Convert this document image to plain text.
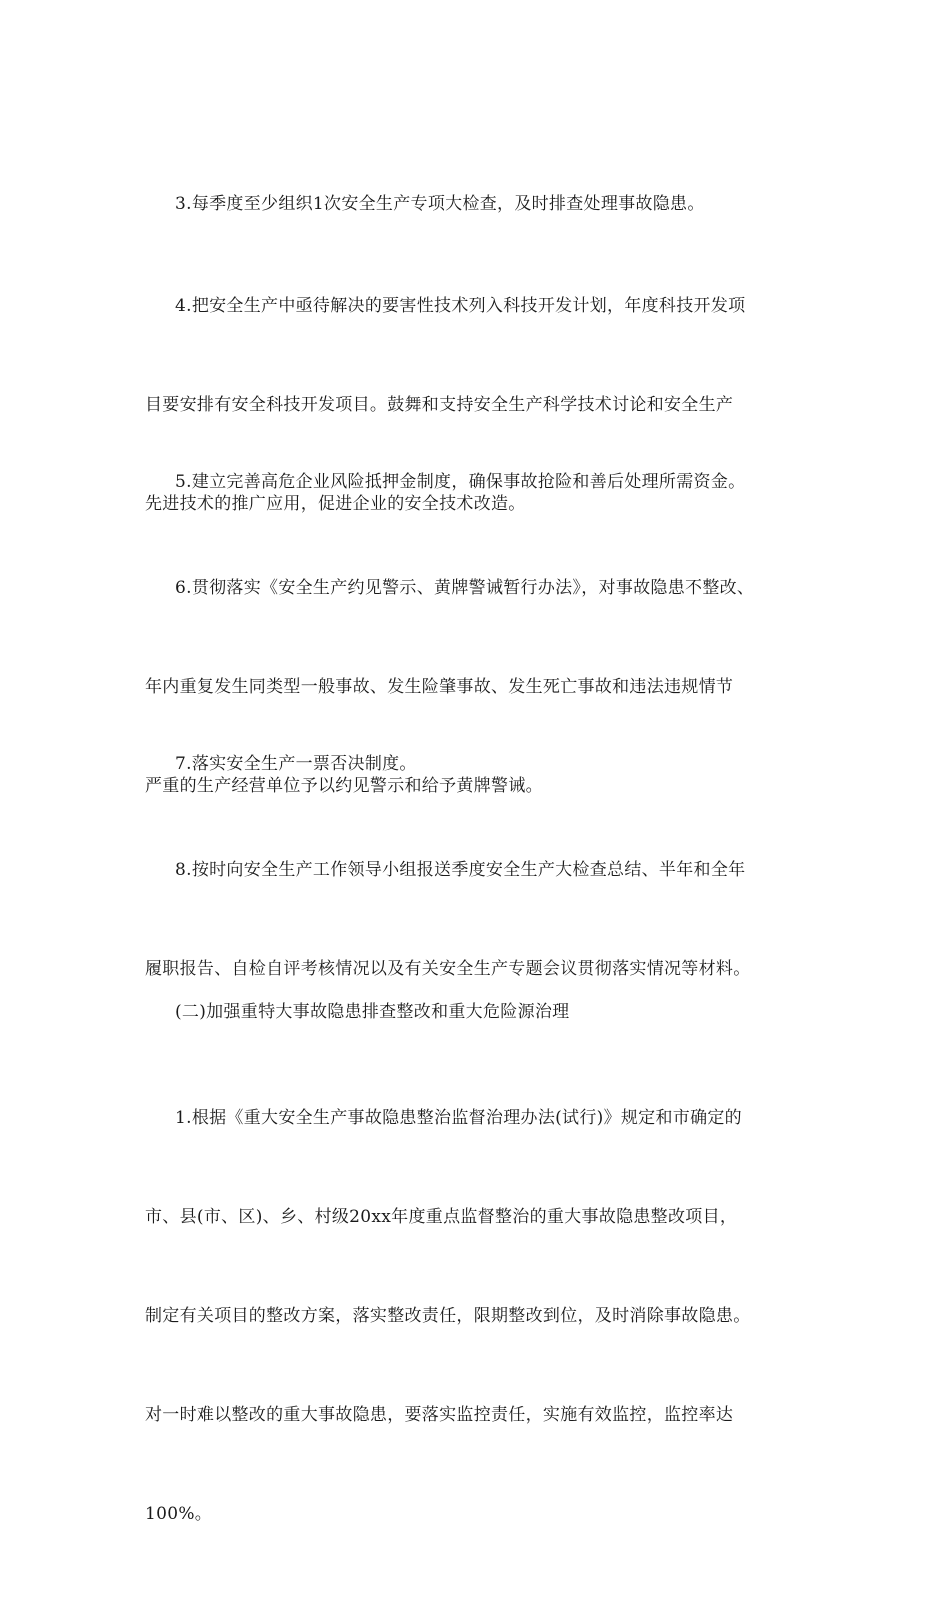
3.每季度至少组织1次安全生产专项大检查，及时排查处理事故隐患。

4.把安全生产中亟待解决的要害性技术列入科技开发计划，年度科技开发项

目要安排有安全科技开发项目。鼓舞和支持安全生产科学技术讨论和安全生产

先进技术的推广应用，促进企业的安全技术改造。

5.建立完善高危企业风险抵押金制度，确保事故抢险和善后处理所需资金。

6.贯彻落实《安全生产约见警示、黄牌警诫暂行办法》，对事故隐患不整改、

年内重复发生同类型一般事故、发生险肇事故、发生死亡事故和违法违规情节

严重的生产经营单位予以约见警示和给予黄牌警诫。

7.落实安全生产一票否决制度。

8.按时向安全生产工作领导小组报送季度安全生产大检查总结、半年和全年

履职报告、自检自评考核情况以及有关安全生产专题会议贯彻落实情况等材料。

(二)加强重特大事故隐患排查整改和重大危险源治理

1.根据《重大安全生产事故隐患整治监督治理办法(试行)》规定和市确定的

市、县(市、区)、乡、村级20xx年度重点监督整治的重大事故隐患整改项目，

制定有关项目的整改方案，落实整改责任，限期整改到位，及时消除事故隐患。

对一时难以整改的重大事故隐患，要落实监控责任，实施有效监控，监控率达

100%。
